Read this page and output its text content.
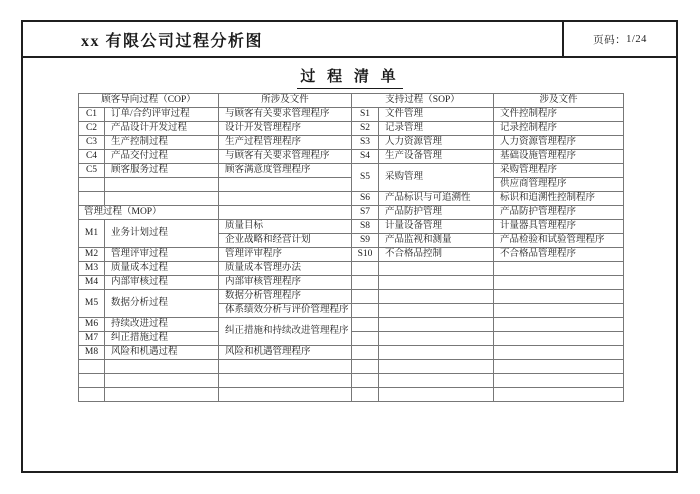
xx 有限公司过程分析图	页码： 1/24
过 程 清 单
顾客导向过程（COP）		所涉及文件	支持过程（SOP）		涉及文件
C1	订单/合约评审过程	与顾客有关要求管理程序	S1	文件管理	文件控制程序
C2	产品设计开发过程	设计开发管理程序	S2	记录管理	记录控制程序
C3	生产控制过程	生产过程管理程序	S3	人力资源管理	人力资源管理程序
C4	产品交付过程	与顾客有关要求管理程序	S4	生产设备管理	基础设施管理程序
C5	顾客服务过程	顾客满意度管理程序	S5	采购管理	采购管理程序
					供应商管理程序
			S6	产品标识与可追溯性	标识和追溯性控制程序
管理过程（MOP）			S7	产品防护管理	产品防护管理程序
M1	业务计划过程	质量目标	S8	计量设备管理	计量器具管理程序
		企业战略和经营计划	S9	产品监视和测量	产品检验和试验管理程序
M2	管理评审过程	管理评审程序	S10	不合格品控制	不合格品管理程序
M3	质量成本过程	质量成本管理办法			
M4	内部审核过程	内部审核管理程序			
M5	数据分析过程	数据分析管理程序			
		体系绩效分析与评价管理程序			
M6	持续改进过程	纠正措施和持续改进管理程序			
M7	纠正措施过程				
M8	风险和机遇过程	风险和机遇管理程序			
